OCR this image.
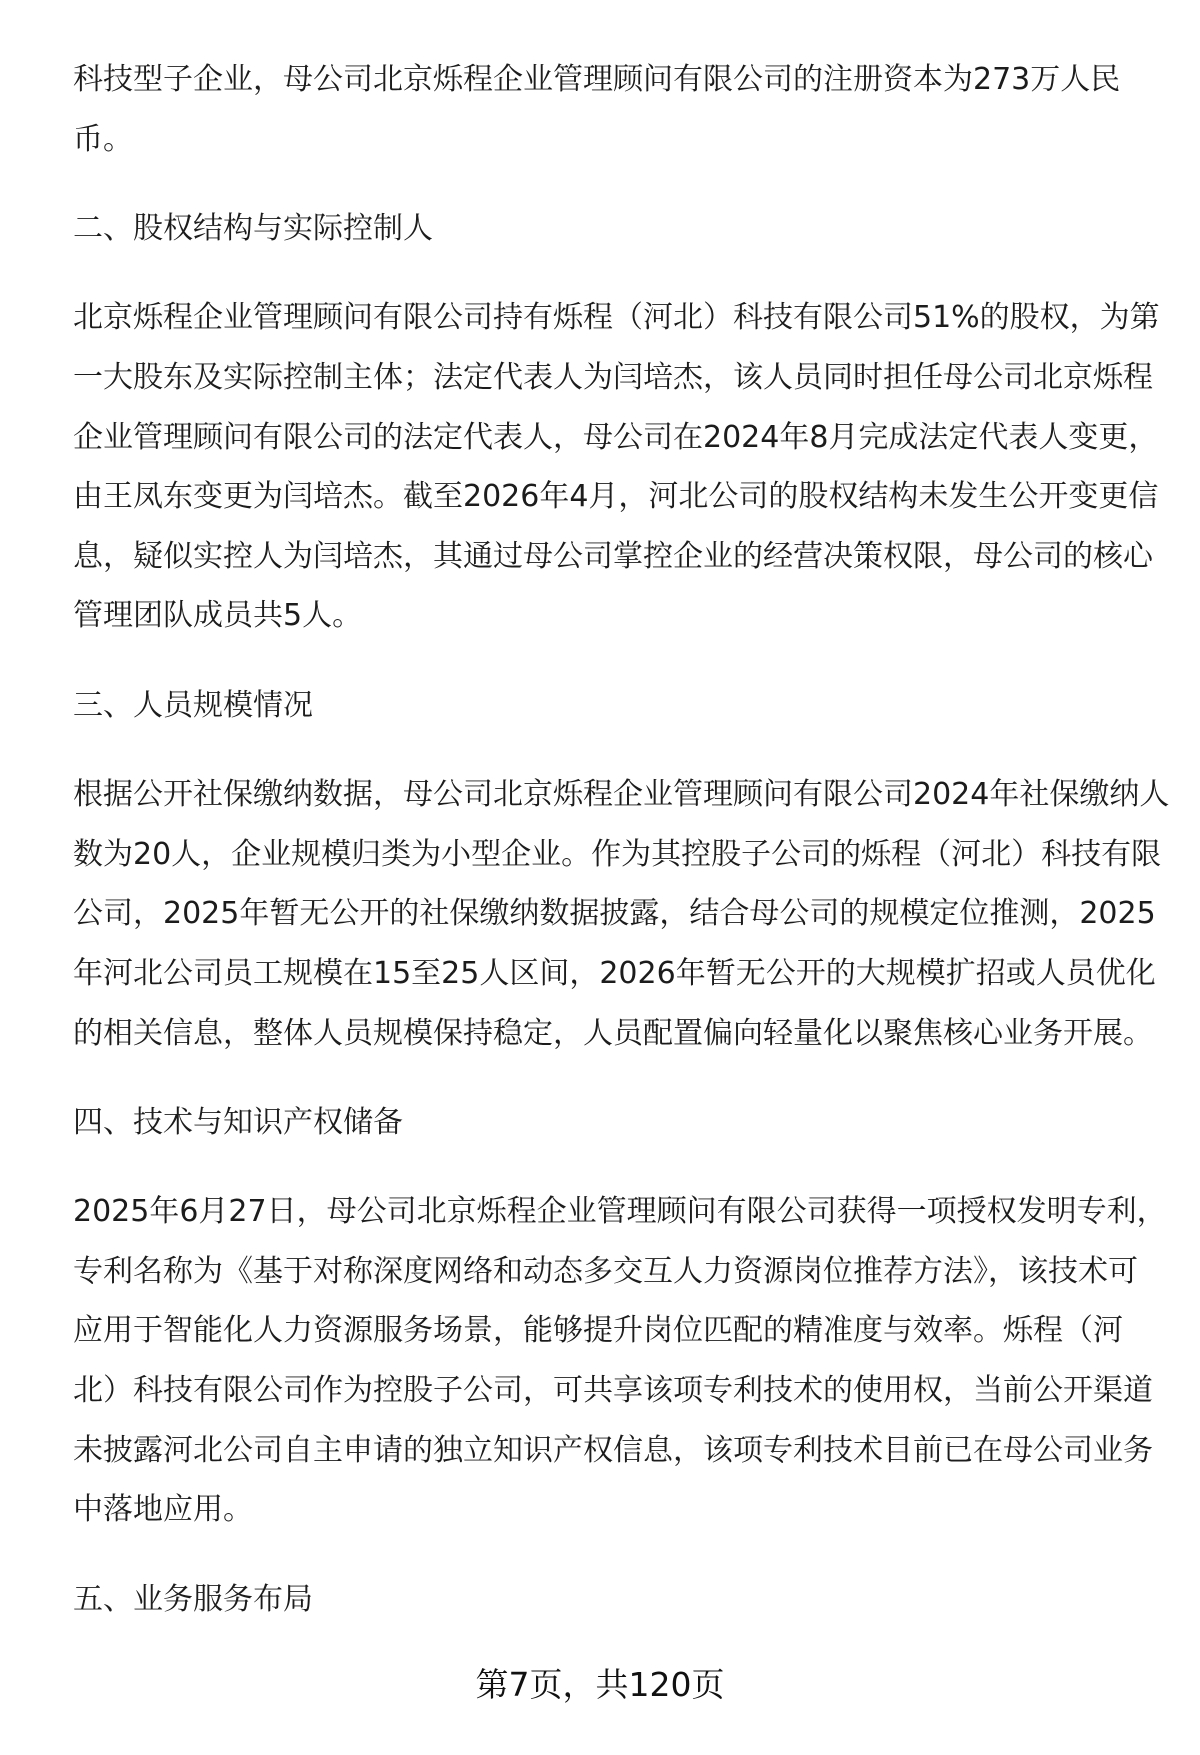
科技型子企业，母公司北京烁程企业管理顾问有限公司的注册资本为273万人民
币。
二、股权结构与实际控制人
北京烁程企业管理顾问有限公司持有烁程（河北）科技有限公司51%的股权，为第
一大股东及实际控制主体；法定代表人为闫培杰，该人员同时担任母公司北京烁程
企业管理顾问有限公司的法定代表人，母公司在2024年8月完成法定代表人变更，
由王凤东变更为闫培杰。截至2026年4月，河北公司的股权结构未发生公开变更信
息，疑似实控人为闫培杰，其通过母公司掌控企业的经营决策权限，母公司的核心
管理团队成员共5人。
三、人员规模情况
根据公开社保缴纳数据，母公司北京烁程企业管理顾问有限公司2024年社保缴纳人
数为20人，企业规模归类为小型企业。作为其控股子公司的烁程（河北）科技有限
公司，2025年暂无公开的社保缴纳数据披露，结合母公司的规模定位推测，2025
年河北公司员工规模在15至25人区间，2026年暂无公开的大规模扩招或人员优化
的相关信息，整体人员规模保持稳定，人员配置偏向轻量化以聚焦核心业务开展。
四、技术与知识产权储备
2025年6月27日，母公司北京烁程企业管理顾问有限公司获得一项授权发明专利，
专利名称为《基于对称深度网络和动态多交互人力资源岗位推荐方法》，该技术可
应用于智能化人力资源服务场景，能够提升岗位匹配的精准度与效率。烁程（河
北）科技有限公司作为控股子公司，可共享该项专利技术的使用权，当前公开渠道
未披露河北公司自主申请的独立知识产权信息，该项专利技术目前已在母公司业务
中落地应用。
五、业务服务布局
第7页，共120页
